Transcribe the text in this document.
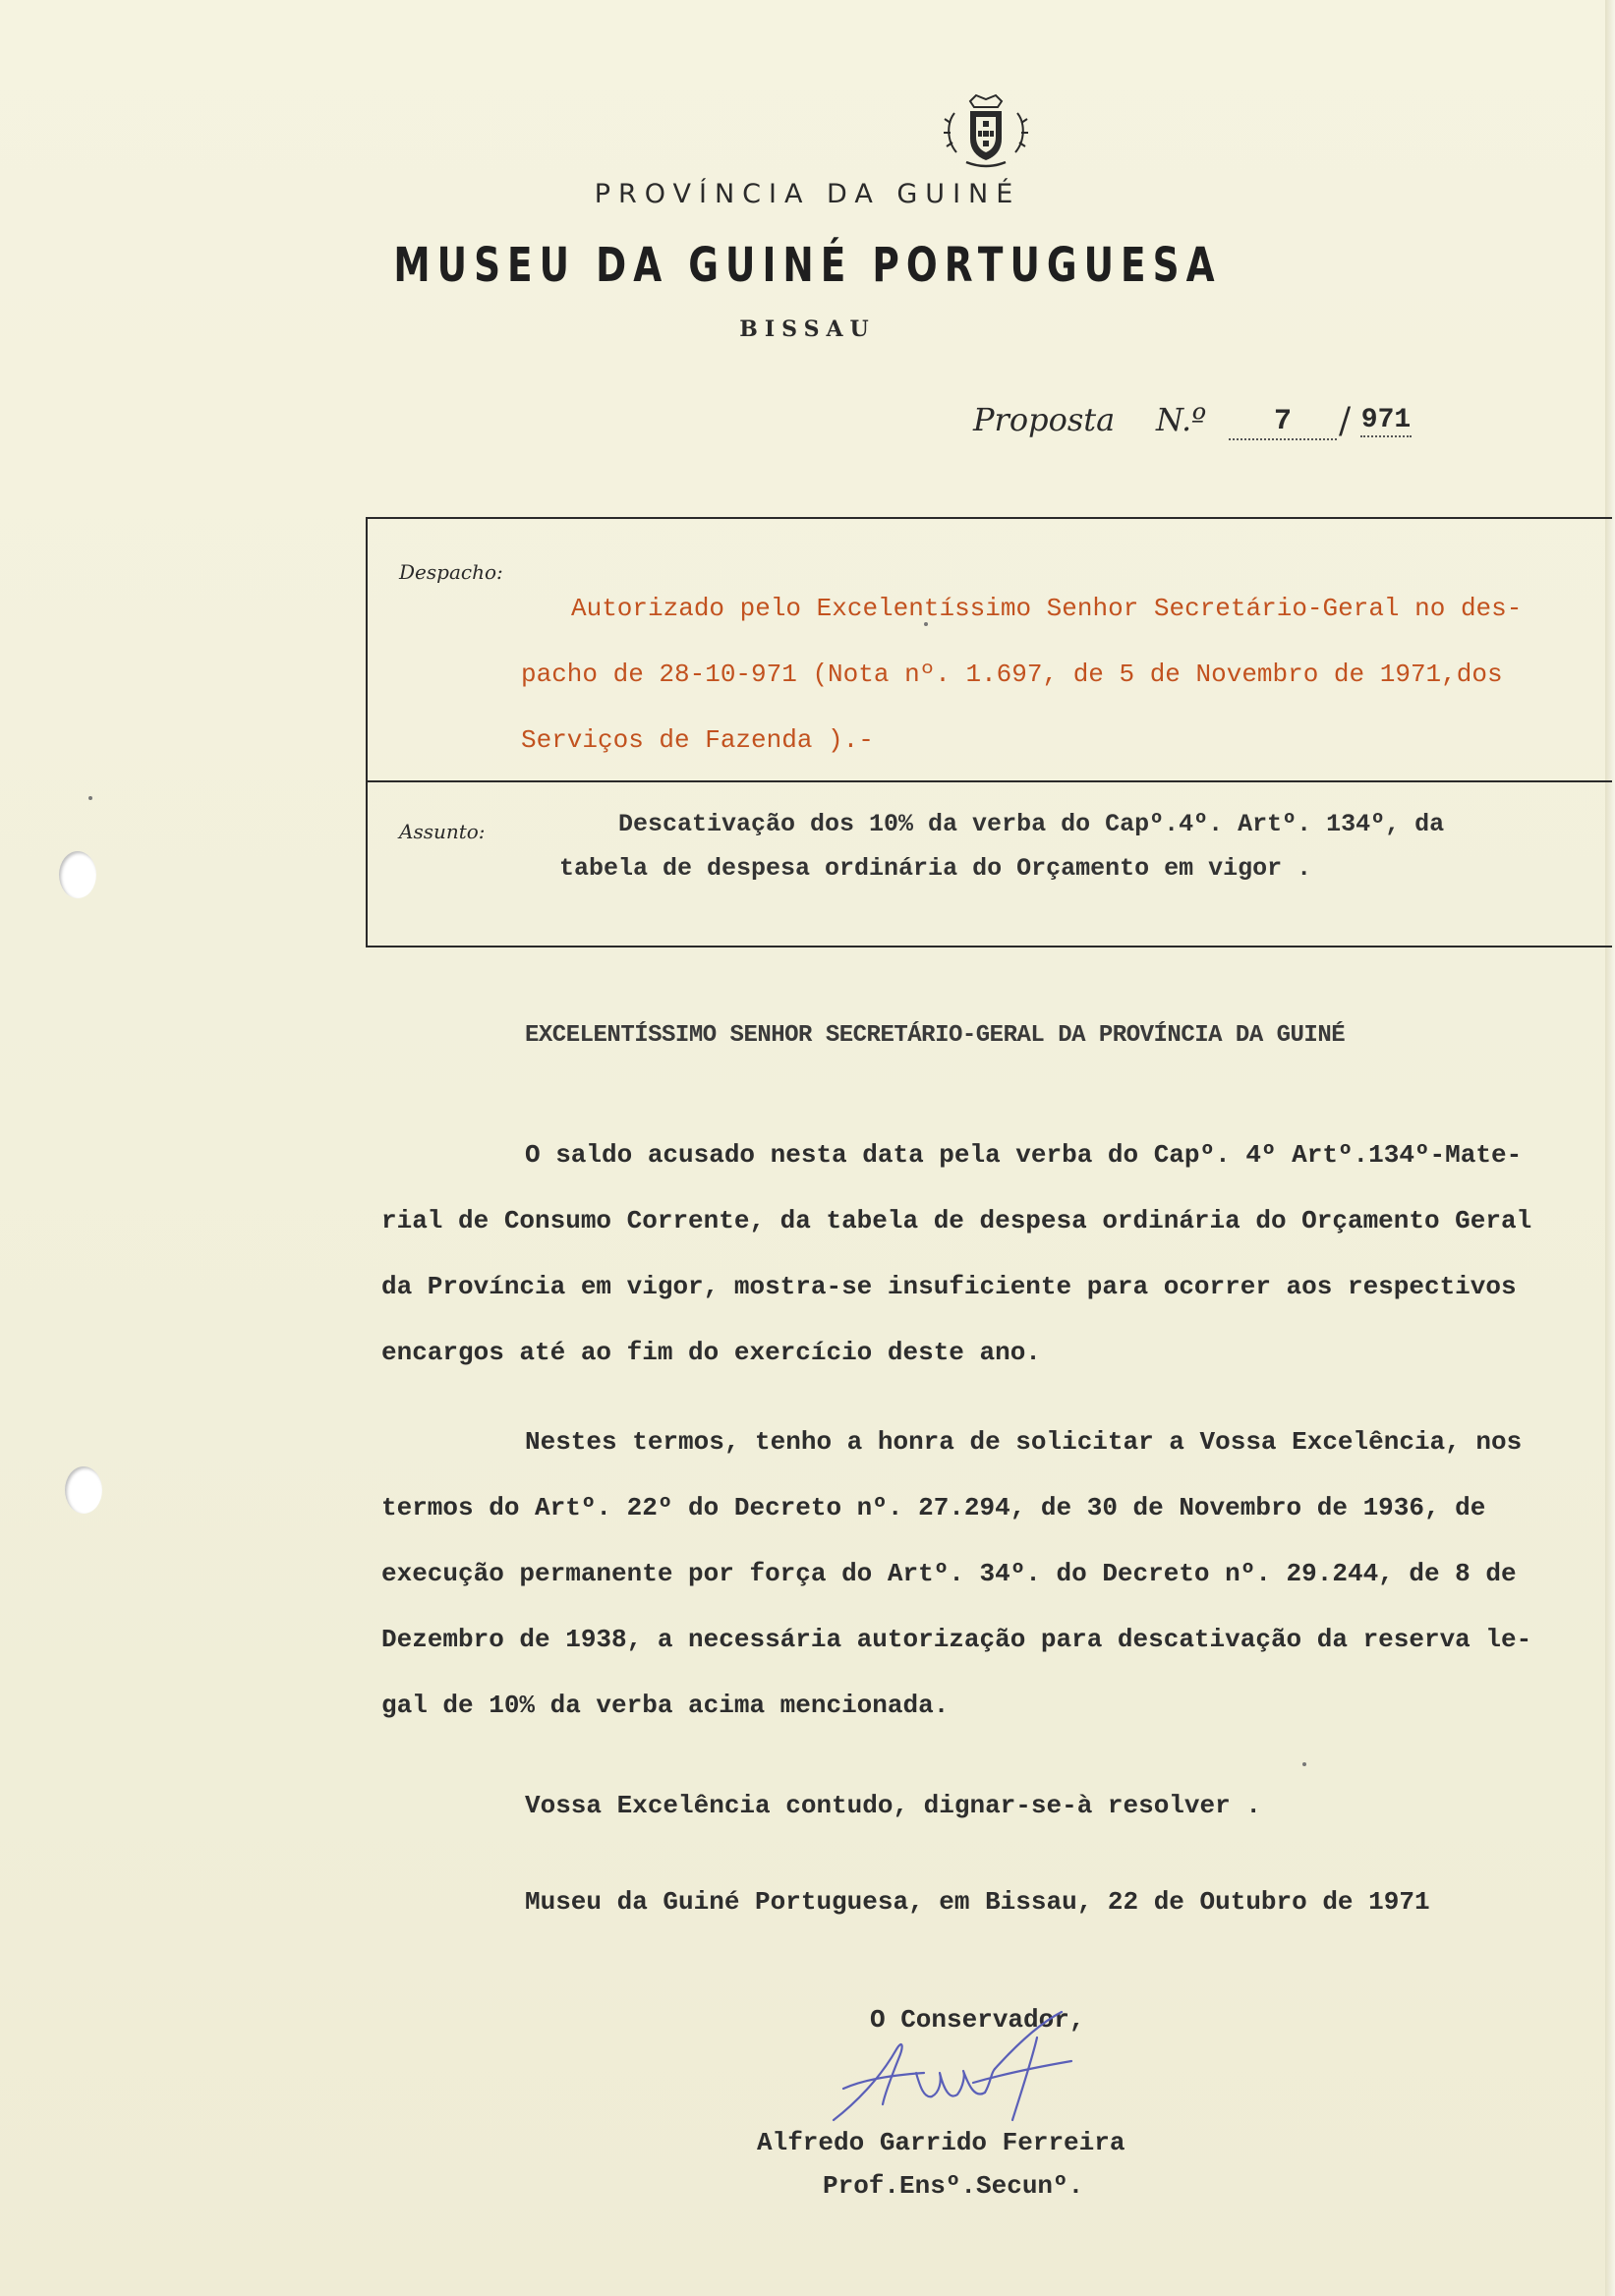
PROVÍNCIA DA GUINÉ
MUSEU DA GUINÉ PORTUGUESA
BISSAU
Proposta N.º	7	/ 971
Despacho:
Autorizado pelo Excelentíssimo Senhor Secretário-Geral no des-
pacho de 28-10-971 (Nota nº. 1.697, de 5 de Novembro de 1971,dos
Serviços de Fazenda ).-
Assunto:	Descativação dos 10% da verba do Capº.4º. Artº. 134º, da
tabela de despesa ordinária do Orçamento em vigor .
EXCELENTÍSSIMO SENHOR SECRETÁRIO-GERAL DA PROVÍNCIA DA GUINÉ
O saldo acusado nesta data pela verba do Capº. 4º Artº.134º-Mate-
rial de Consumo Corrente, da tabela de despesa ordinária do Orçamento Geral
da Província em vigor, mostra-se insuficiente para ocorrer aos respectivos
encargos até ao fim do exercício deste ano.
Nestes termos, tenho a honra de solicitar a Vossa Excelência, nos
termos do Artº. 22º do Decreto nº. 27.294, de 30 de Novembro de 1936, de
execução permanente por força do Artº. 34º. do Decreto nº. 29.244, de 8 de
Dezembro de 1938, a necessária autorização para descativação da reserva le-
gal de 10% da verba acima mencionada.
Vossa Excelência contudo, dignar-se-à resolver .
Museu da Guiné Portuguesa, em Bissau, 22 de Outubro de 1971
O Conservador,
Alfredo Garrido Ferreira
Prof.Ensº.Secunº.
